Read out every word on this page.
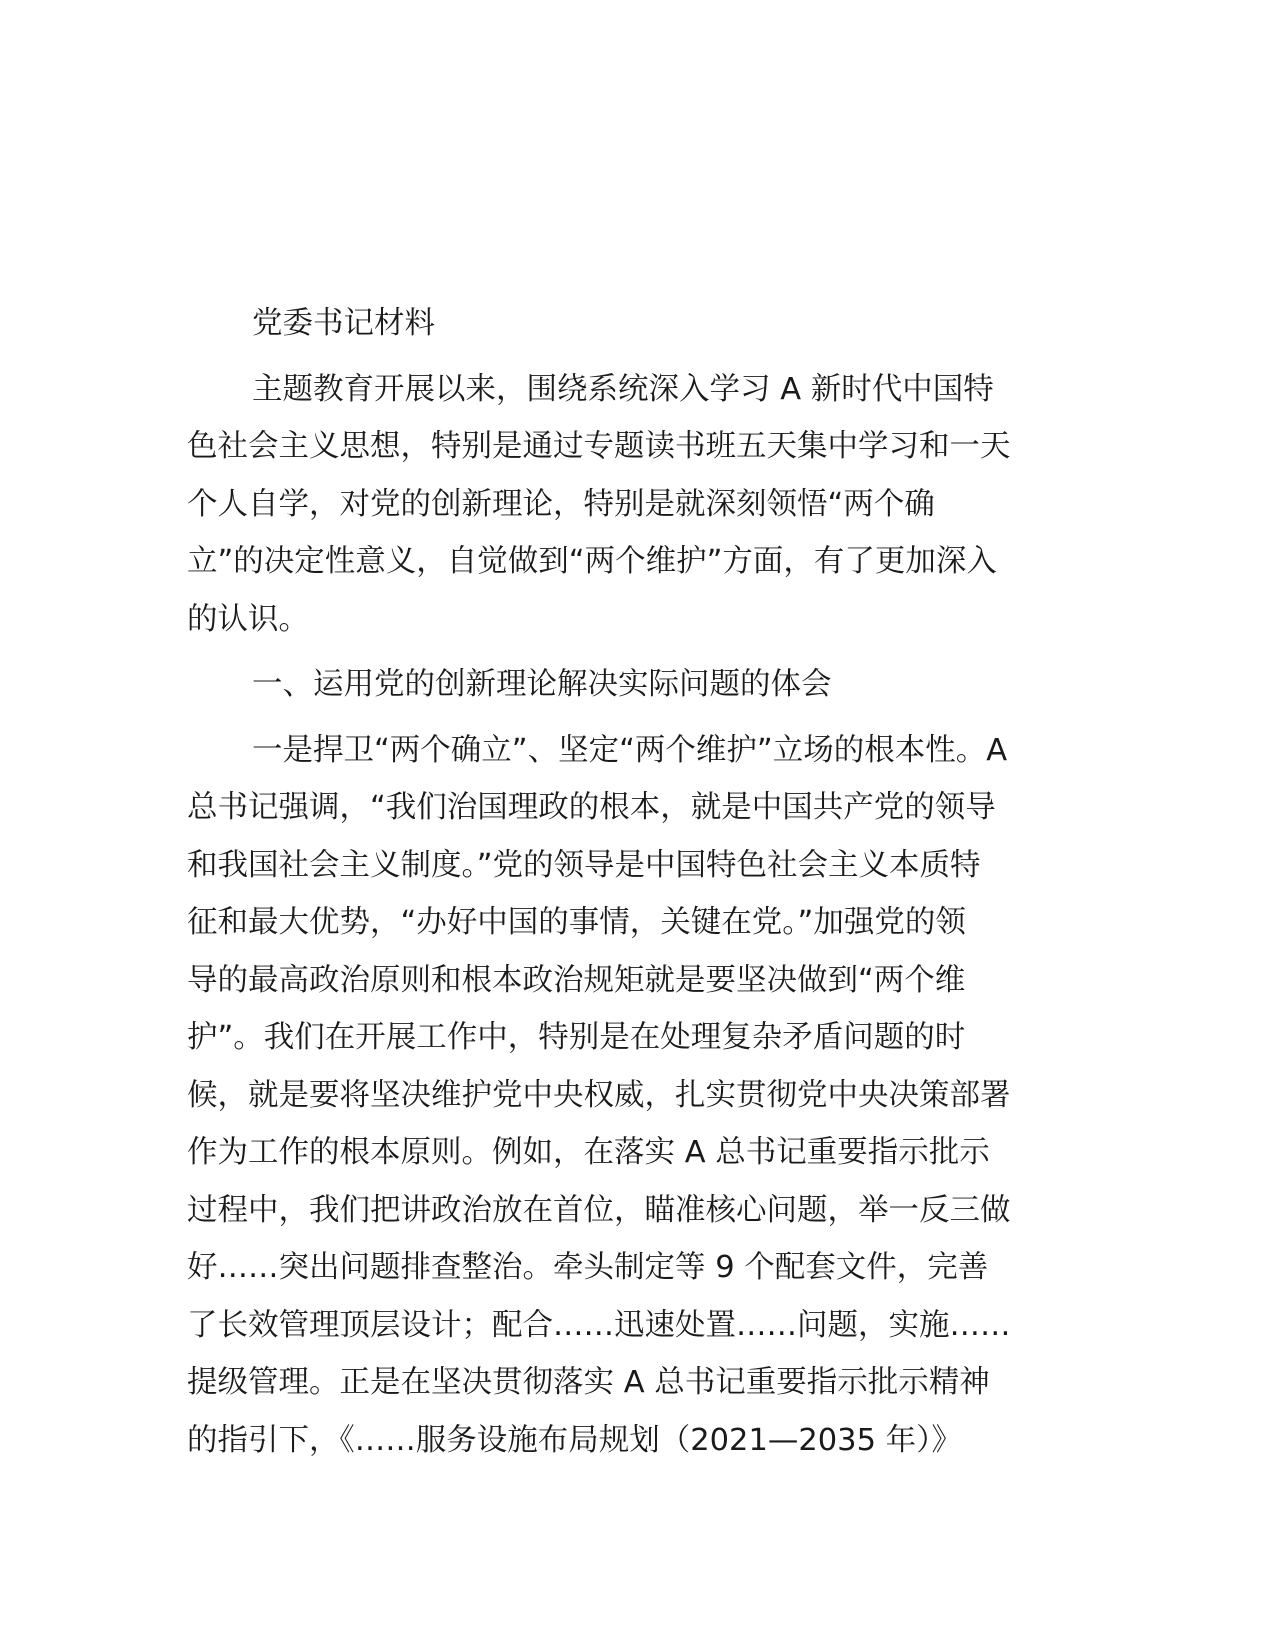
党委书记材料
主题教育开展以来，围绕系统深入学习 A 新时代中国特
色社会主义思想，特别是通过专题读书班五天集中学习和一天
个人自学，对党的创新理论，特别是就深刻领悟“两个确
立”的决定性意义，自觉做到“两个维护”方面，有了更加深入
的认识。
一、运用党的创新理论解决实际问题的体会
一是捍卫“两个确立”、坚定“两个维护”立场的根本性。A
总书记强调，“我们治国理政的根本，就是中国共产党的领导
和我国社会主义制度。”党的领导是中国特色社会主义本质特
征和最大优势，“办好中国的事情，关键在党。”加强党的领
导的最高政治原则和根本政治规矩就是要坚决做到“两个维
护”。我们在开展工作中，特别是在处理复杂矛盾问题的时
候，就是要将坚决维护党中央权威，扎实贯彻党中央决策部署
作为工作的根本原则。例如，在落实 A 总书记重要指示批示
过程中，我们把讲政治放在首位，瞄准核心问题，举一反三做
好……突出问题排查整治。牵头制定等 9 个配套文件，完善
了长效管理顶层设计；配合……迅速处置……问题，实施……
提级管理。正是在坚决贯彻落实 A 总书记重要指示批示精神
的指引下，《……服务设施布局规划（2021—2035 年）》
